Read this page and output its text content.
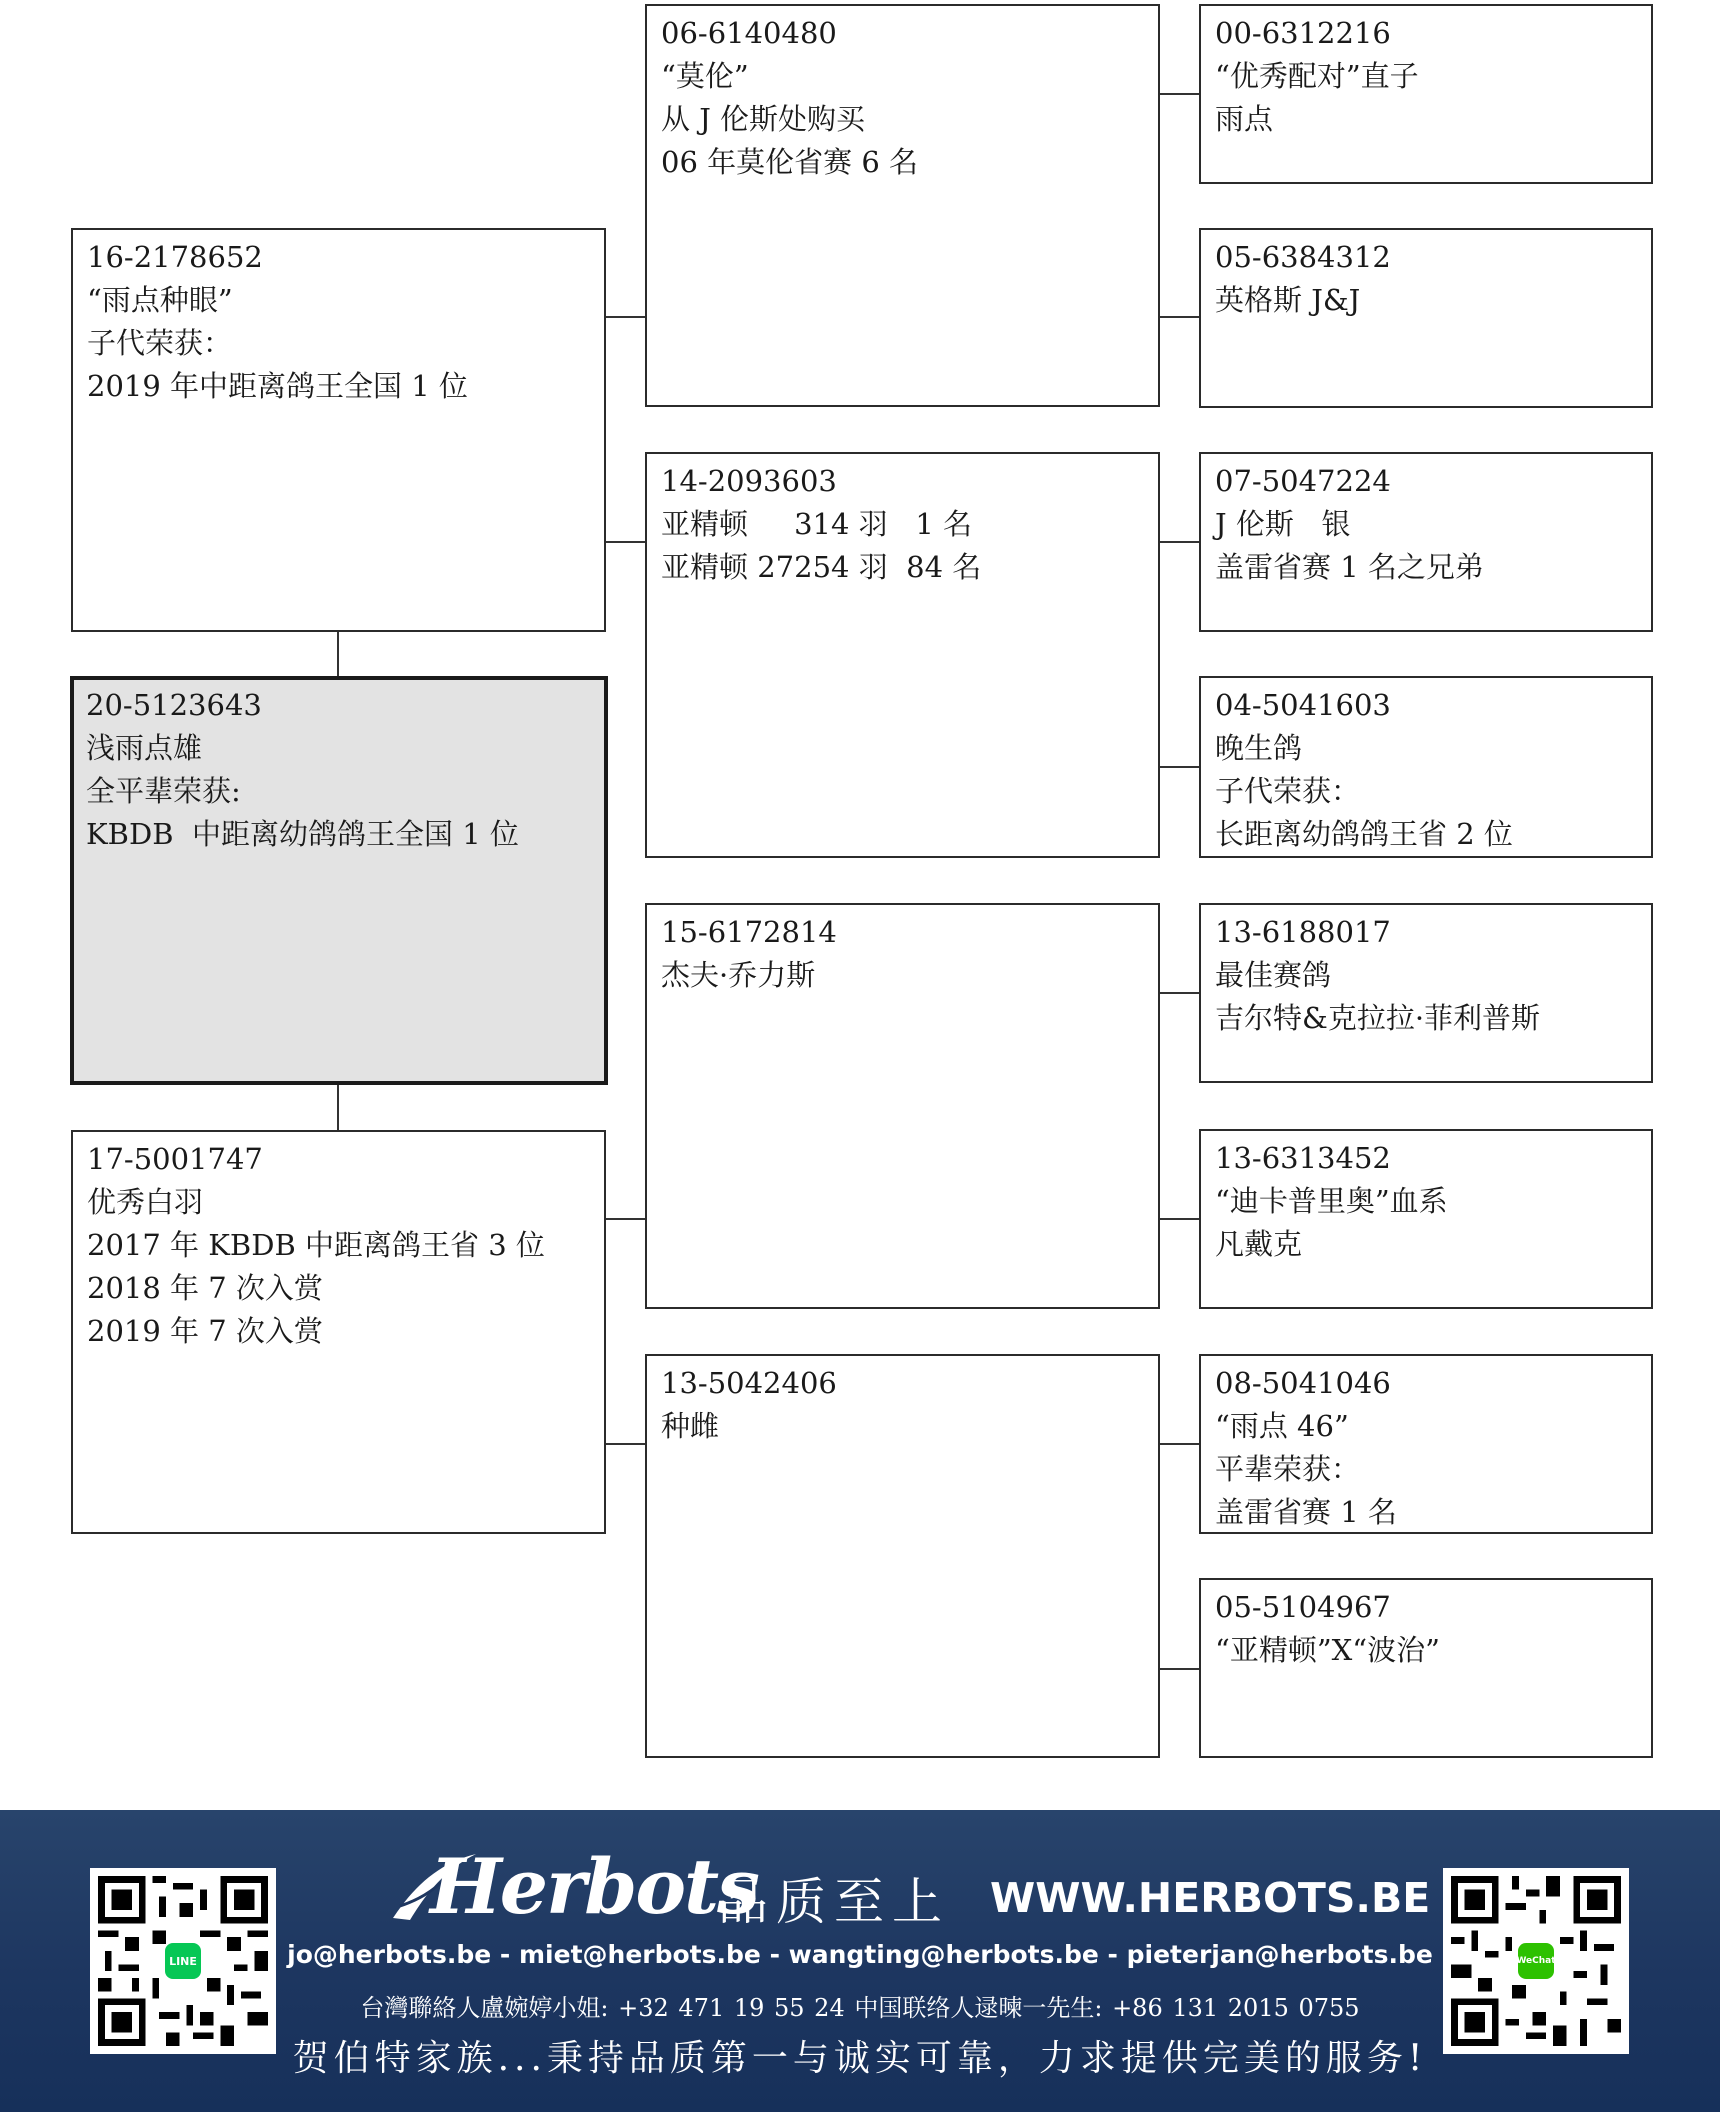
16-2178652
“雨点种眼”
子代荣获：
2019 年中距离鸽王全国 1 位
20-5123643
浅雨点雄
全平辈荣获:
KBDB  中距离幼鸽鸽王全国 1 位
17-5001747
优秀白羽
2017 年 KBDB 中距离鸽王省 3 位
2018 年 7 次入赏
2019 年 7 次入赏
06-6140480
“莫伦”
从 J 伦斯处购买
06 年莫伦省赛 6 名
14-2093603
亚精顿     314 羽   1 名
亚精顿 27254 羽  84 名
15-6172814
杰夫·乔力斯
13-5042406
种雌
00-6312216
“优秀配对”直子
雨点
05-6384312
英格斯 J&J
07-5047224
J 伦斯   银
盖雷省赛 1 名之兄弟
04-5041603
晚生鸽
子代荣获：
长距离幼鸽鸽王省 2 位
13-6188017
最佳赛鸽
吉尔特&克拉拉·菲利普斯
13-6313452
“迪卡普里奥”血系
凡戴克
08-5041046
“雨点 46”
平辈荣获：
盖雷省赛 1 名
05-5104967
“亚精顿”X“波治”
LINE
Herbots
品质至上 WWW.HERBOTS.BE
jo@herbots.be - miet@herbots.be - wangting@herbots.be - pieterjan@herbots.be
台灣聯絡人盧婉婷小姐: +32 471 19 55 24 中国联络人逯暕一先生: +86 131 2015 0755
贺伯特家族...秉持品质第一与诚实可靠，力求提供完美的服务!
WeChat
